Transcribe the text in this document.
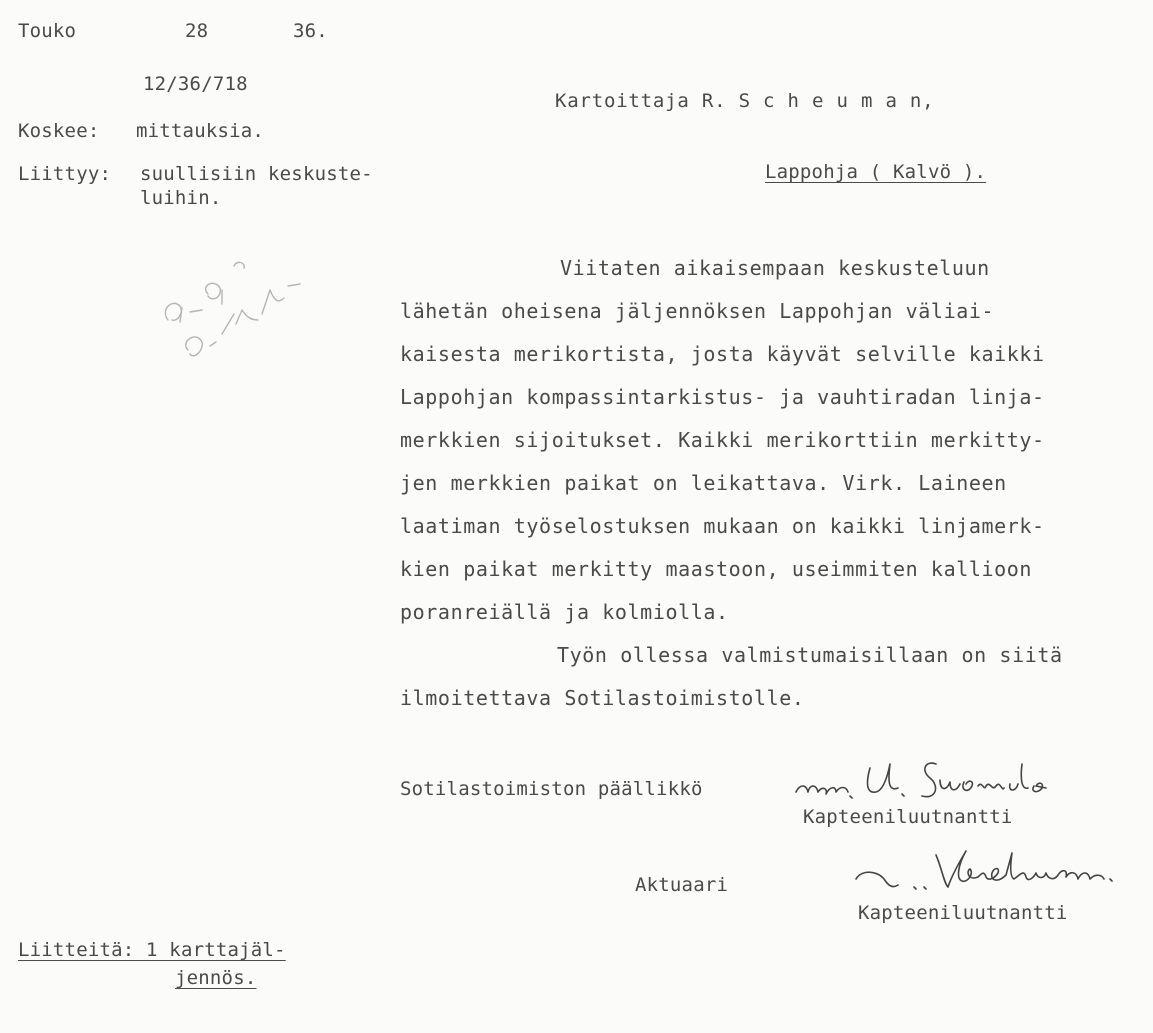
Touko	28	36.
12/36/718
Koskee: mittauksia.
Liittyy: suullisiin keskuste-
luihin.
Kartoittaja R. S c h e u m a n,
Lappohja ( Kalvö ).
Viitaten aikaisempaan keskusteluun
lähetän oheisena jäljennöksen Lappohjan väliai-
kaisesta merikortista, josta käyvät selville kaikki
Lappohjan kompassintarkistus- ja vauhtiradan linja-
merkkien sijoitukset. Kaikki merikorttiin merkitty-
jen merkkien paikat on leikattava. Virk. Laineen
laatiman työselostuksen mukaan on kaikki linjamerk-
kien paikat merkitty maastoon, useimmiten kallioon
poranreiällä ja kolmiolla.
Työn ollessa valmistumaisillaan on siitä
ilmoitettava Sotilastoimistolle.
Sotilastoimiston päällikkö
Kapteeniluutnantti
Aktuaari
Kapteeniluutnantti
Liitteitä: 1 karttajäl-
jennös.
